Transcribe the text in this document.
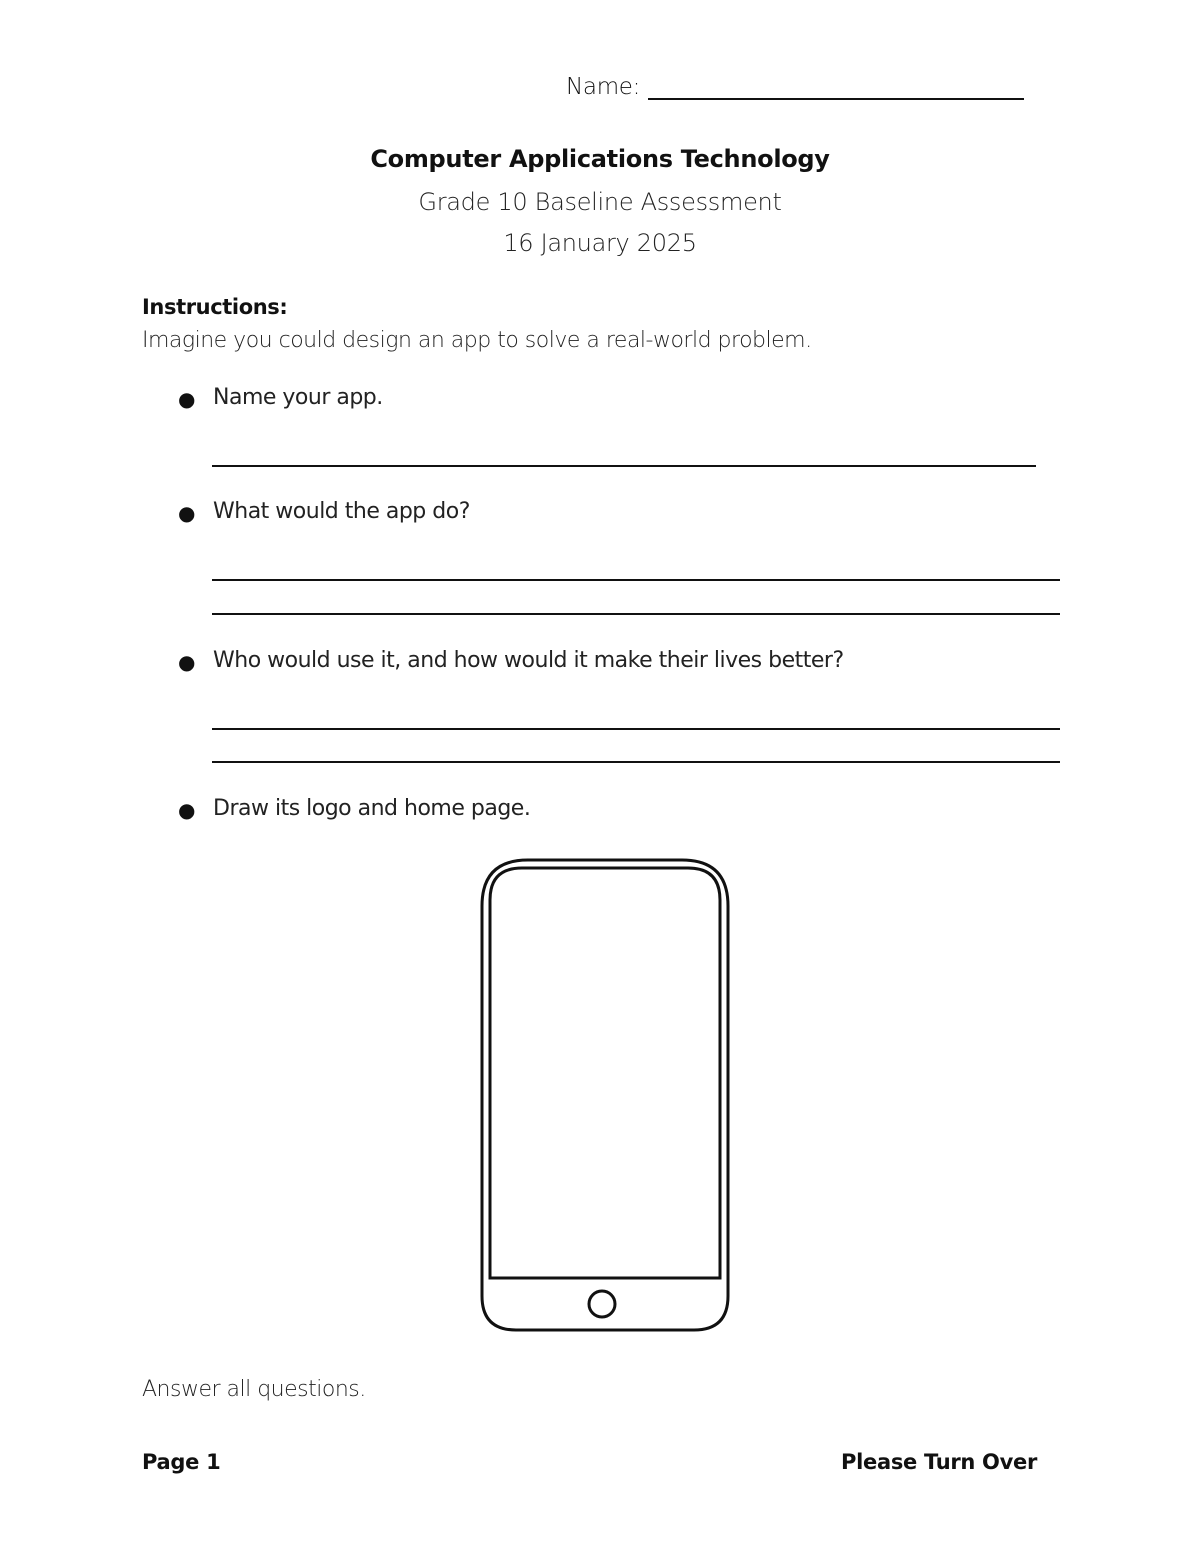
Name:
Computer Applications Technology
Grade 10 Baseline Assessment
16 January 2025
Instructions:
Imagine you could design an app to solve a real-world problem.
● Name your app.
● What would the app do?
● Who would use it, and how would it make their lives better?
● Draw its logo and home page.
Answer all questions.
Page 1	Please Turn Over
